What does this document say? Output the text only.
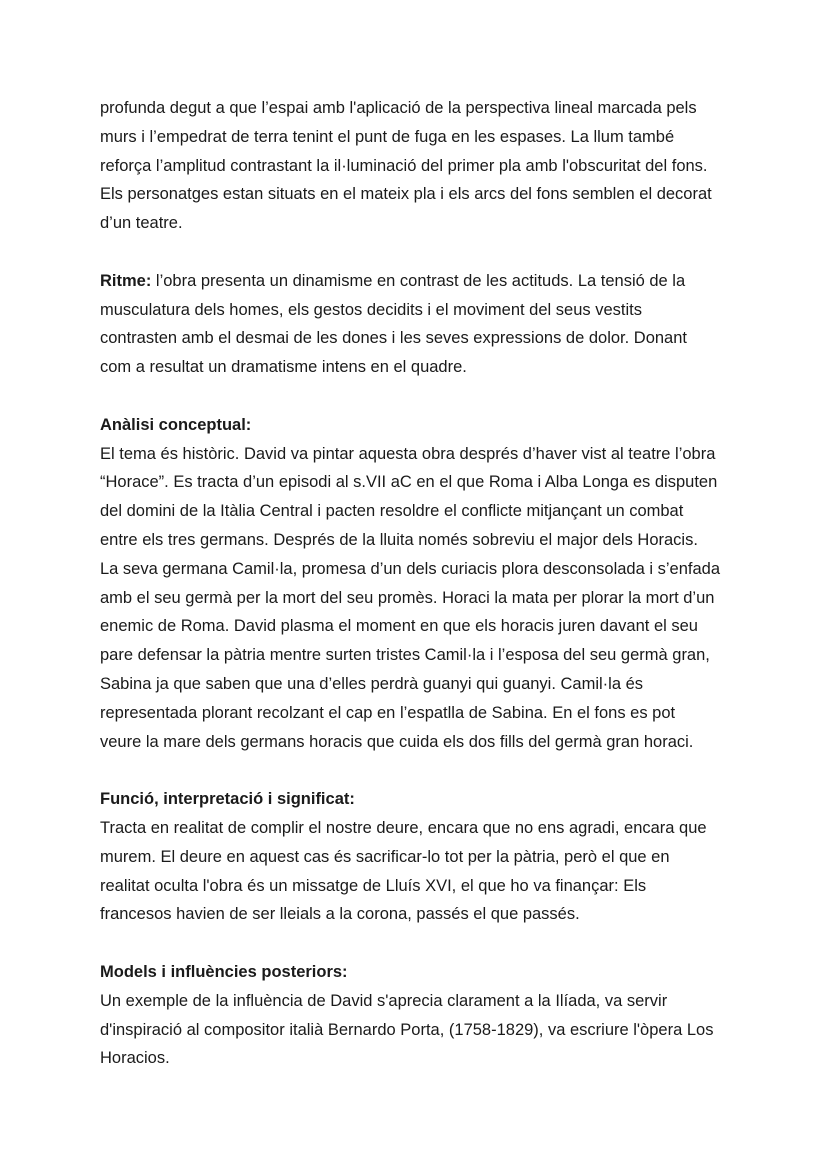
profunda degut a que l’espai amb l'aplicació de la perspectiva lineal marcada pels
murs i l’empedrat de terra tenint el punt de fuga en les espases. La llum també
reforça l’amplitud contrastant la il·luminació del primer pla amb l'obscuritat del fons.
Els personatges estan situats en el mateix pla i els arcs del fons semblen el decorat
d’un teatre.
Ritme: l’obra presenta un dinamisme en contrast de les actituds. La tensió de la
musculatura dels homes, els gestos decidits i el moviment del seus vestits
contrasten amb el desmai de les dones i les seves expressions de dolor. Donant
com a resultat un dramatisme intens en el quadre.
Anàlisi conceptual:
El tema és històric. David va pintar aquesta obra després d’haver vist al teatre l’obra
“Horace”. Es tracta d’un episodi al s.VII aC en el que Roma i Alba Longa es disputen
del domini de la Itàlia Central i pacten resoldre el conflicte mitjançant un combat
entre els tres germans. Després de la lluita només sobreviu el major dels Horacis.
La seva germana Camil·la, promesa d’un dels curiacis plora desconsolada i s’enfada
amb el seu germà per la mort del seu promès. Horaci la mata per plorar la mort d’un
enemic de Roma. David plasma el moment en que els horacis juren davant el seu
pare defensar la pàtria mentre surten tristes Camil·la i l’esposa del seu germà gran,
Sabina ja que saben que una d’elles perdrà guanyi qui guanyi. Camil·la és
representada plorant recolzant el cap en l’espatlla de Sabina. En el fons es pot
veure la mare dels germans horacis que cuida els dos fills del germà gran horaci.
Funció, interpretació i significat:
Tracta en realitat de complir el nostre deure, encara que no ens agradi, encara que
murem. El deure en aquest cas és sacrificar-lo tot per la pàtria, però el que en
realitat oculta l'obra és un missatge de Lluís XVI, el que ho va finançar: Els
francesos havien de ser lleials a la corona, passés el que passés.
Models i influències posteriors:
Un exemple de la influència de David s'aprecia clarament a la Ilíada, va servir
d'inspiració al compositor italià Bernardo Porta, (1758-1829), va escriure l'òpera Los
Horacios.
